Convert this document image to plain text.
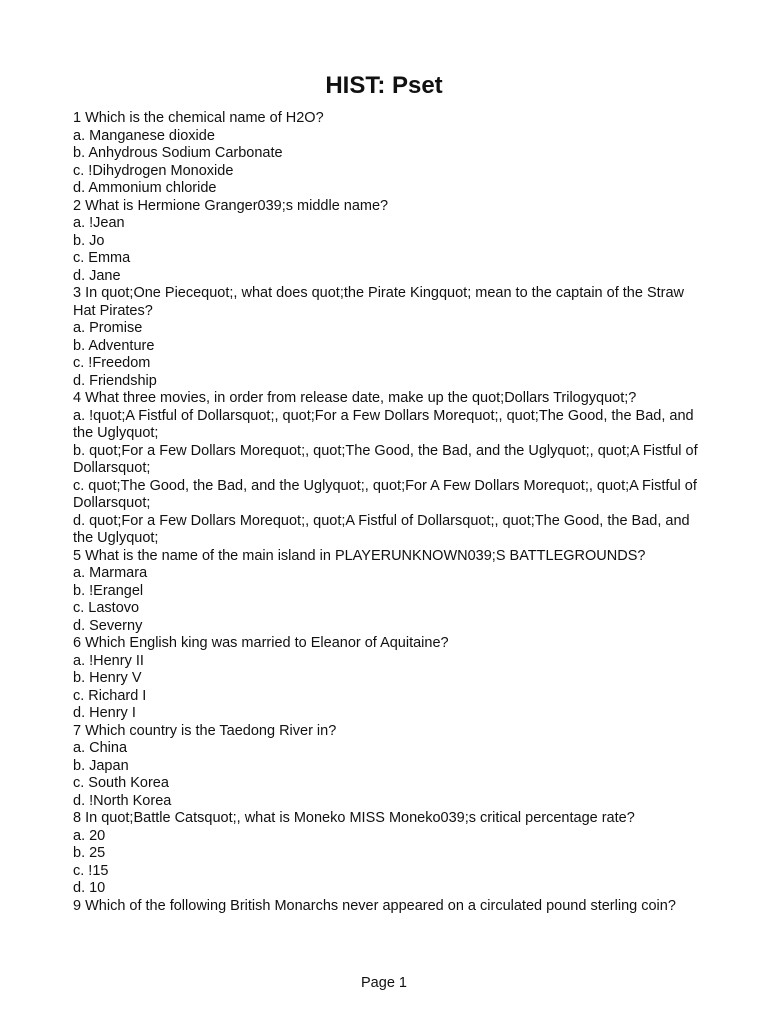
HIST: Pset

1 Which is the chemical name of H2O?

a. Manganese dioxide

b. Anhydrous Sodium Carbonate

c. !Dihydrogen Monoxide

d. Ammonium chloride

2 What is Hermione Granger039;s middle name?

a. !Jean

b. Jo

c. Emma

d. Jane

3 In quot;One Piecequot;, what does quot;the Pirate Kingquot; mean to the captain of the Straw Hat Pirates?

a. Promise

b. Adventure

c. !Freedom

d. Friendship

4 What three movies, in order from release date, make up the quot;Dollars Trilogyquot;?

a. !quot;A Fistful of Dollarsquot;, quot;For a Few Dollars Morequot;, quot;The Good, the Bad, and the Uglyquot;

b. quot;For a Few Dollars Morequot;, quot;The Good, the Bad, and the Uglyquot;, quot;A Fistful of Dollarsquot;

c. quot;The Good, the Bad, and the Uglyquot;, quot;For A Few Dollars Morequot;, quot;A Fistful of Dollarsquot;

d. quot;For a Few Dollars Morequot;, quot;A Fistful of Dollarsquot;, quot;The Good, the Bad, and the Uglyquot;

5 What is the name of the main island in PLAYERUNKNOWN039;S BATTLEGROUNDS?

a. Marmara

b. !Erangel

c. Lastovo

d. Severny

6 Which English king was married to Eleanor of Aquitaine?

a. !Henry II

b. Henry V

c. Richard I

d. Henry I

7 Which country is the Taedong River in?

a. China

b. Japan

c. South Korea

d. !North Korea

8 In quot;Battle Catsquot;, what is Moneko MISS Moneko039;s critical percentage rate?

a. 20

b. 25

c. !15

d. 10

9 Which of the following British Monarchs never appeared on a circulated pound sterling coin?

Page 1
